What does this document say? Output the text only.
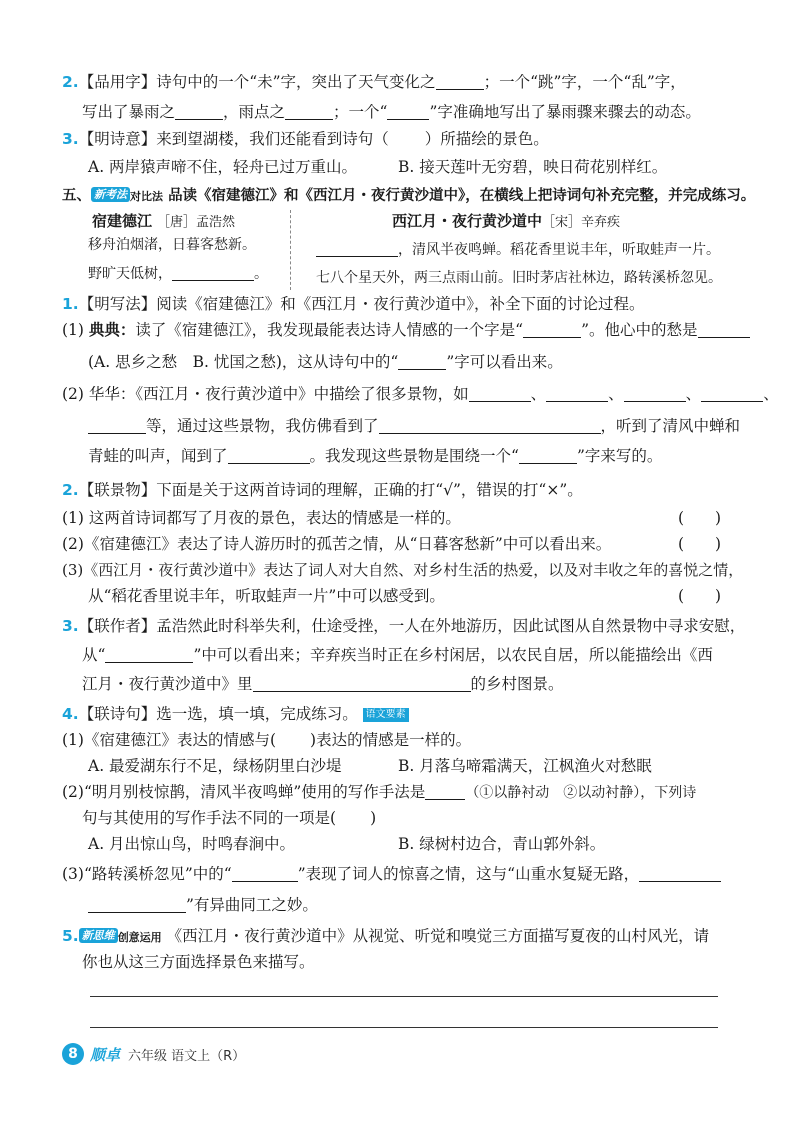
2.【品用字】诗句中的一个“未”字，突出了天气变化之	；一个“跳”字，一个“乱”字，
写出了暴雨之	，雨点之	；一个“	”字准确地写出了暴雨骤来骤去的动态。
3.【明诗意】来到望湖楼，我们还能看到诗句（ ）所描绘的景色。
A. 两岸猿声啼不住，轻舟已过万重山。	B. 接天莲叶无穷碧，映日荷花别样红。
五、 新考法 对比法 品读《宿建德江》和《西江月・夜行黄沙道中》，在横线上把诗词句补充完整，并完成练习。
宿建德江 ［唐］孟浩然
移舟泊烟渚，日暮客愁新。
野旷天低树，	。
西江月・夜行黄沙道中［宋］辛弃疾
，清风半夜鸣蝉。稻花香里说丰年，听取蛙声一片。
七八个星天外，两三点雨山前。旧时茅店社林边，路转溪桥忽见。
1.【明写法】阅读《宿建德江》和《西江月・夜行黄沙道中》，补全下面的讨论过程。
(1) 典典：读了《宿建德江》，我发现最能表达诗人情感的一个字是“	”。他心中的愁是
(A. 思乡之愁　B. 忧国之愁)，这从诗句中的“	”字可以看出来。
(2) 华华：《西江月・夜行黄沙道中》中描绘了很多景物，如	、	、	、	、
等，通过这些景物，我仿佛看到了	，听到了清风中蝉和
青蛙的叫声，闻到了	。我发现这些景物是围绕一个“	”字来写的。
2.【联景物】下面是关于这两首诗词的理解，正确的打“√”，错误的打“×”。
(1) 这两首诗词都写了月夜的景色，表达的情感是一样的。	(　　)
(2)《宿建德江》表达了诗人游历时的孤苦之情，从“日暮客愁新”中可以看出来。	(　　)
(3)《西江月・夜行黄沙道中》表达了词人对大自然、对乡村生活的热爱，以及对丰收之年的喜悦之情，
从“稻花香里说丰年，听取蛙声一片”中可以感受到。	(　　)
3.【联作者】孟浩然此时科举失利，仕途受挫，一人在外地游历，因此试图从自然景物中寻求安慰，
从“	”中可以看出来；辛弃疾当时正在乡村闲居，以农民自居，所以能描绘出《西
江月・夜行黄沙道中》里	的乡村图景。
4.【联诗句】选一选，填一填，完成练习。 语文要素
(1)《宿建德江》表达的情感与( )表达的情感是一样的。
A. 最爱湖东行不足，绿杨阴里白沙堤	B. 月落乌啼霜满天，江枫渔火对愁眠
(2)“明月别枝惊鹊，清风半夜鸣蝉”使用的写作手法是	（①以静衬动　②以动衬静），下列诗
句与其使用的写作手法不同的一项是( )
A. 月出惊山鸟，时鸣春涧中。	B. 绿树村边合，青山郭外斜。
(3)“路转溪桥忽见”中的“	”表现了词人的惊喜之情，这与“山重水复疑无路，
”有异曲同工之妙。
5. 新思维 创意运用 《西江月・夜行黄沙道中》从视觉、听觉和嗅觉三方面描写夏夜的山村风光，请
你也从这三方面选择景色来描写。
8 顺卓 六年级 语文上（R）
